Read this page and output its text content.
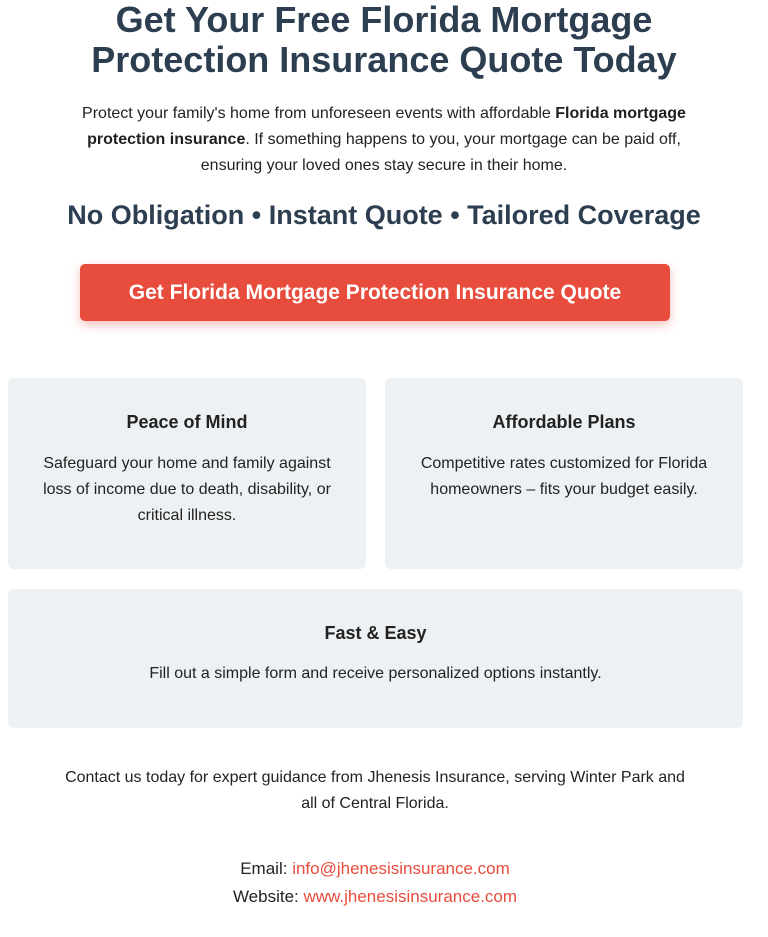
Get Your Free Florida Mortgage
Protection Insurance Quote Today

Protect your family's home from unforeseen events with affordable Florida mortgage protection insurance. If something happens to you, your mortgage can be paid off, ensuring your loved ones stay secure in their home.

No Obligation • Instant Quote • Tailored Coverage
Get Florida Mortgage Protection Insurance Quote
Peace of Mind

Safeguard your home and family against loss of income due to death, disability, or critical illness.

Affordable Plans

Competitive rates customized for Florida homeowners – fits your budget easily.

Fast & Easy

Fill out a simple form and receive personalized options instantly.

Contact us today for expert guidance from Jhenesis Insurance, serving Winter Park and all of Central Florida.

Email: info@jhenesisinsurance.com
Website: www.jhenesisinsurance.com
